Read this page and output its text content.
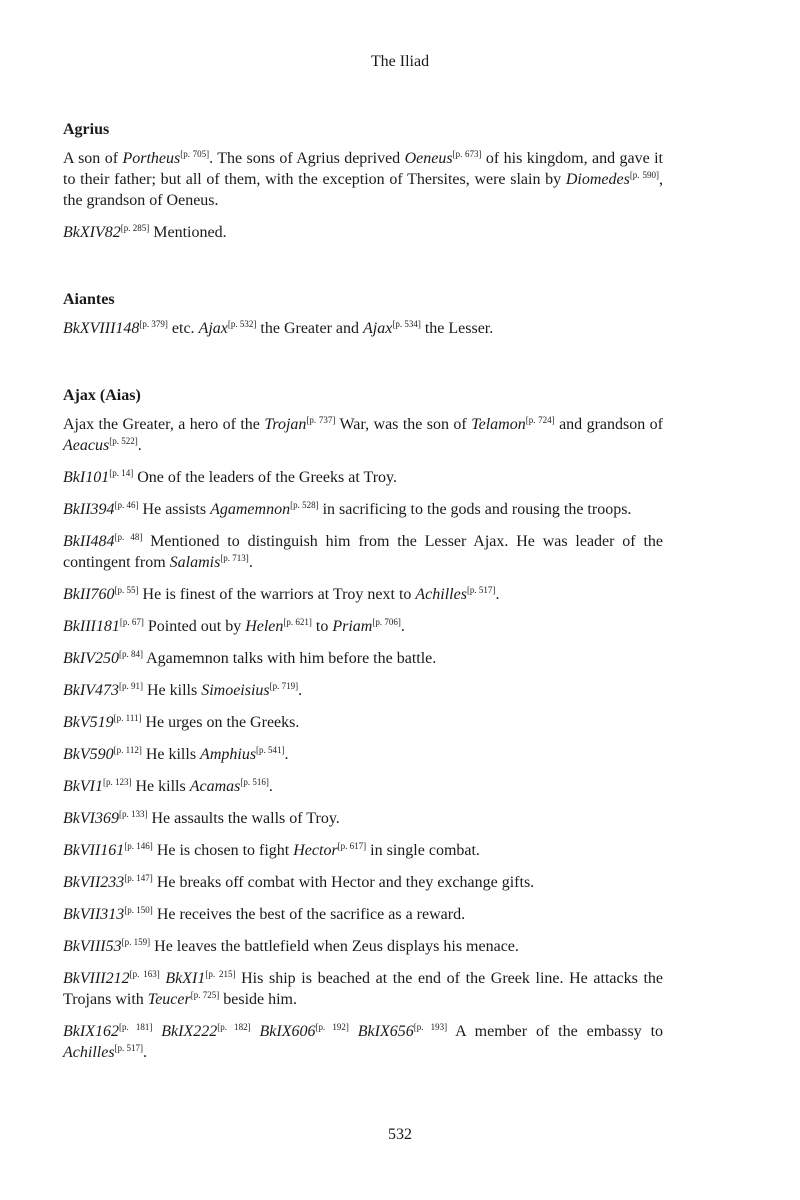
The Iliad
Agrius
A son of Portheus[p. 705]. The sons of Agrius deprived Oeneus[p. 673] of his kingdom, and gave it to their father; but all of them, with the exception of Thersites, were slain by Diomedes[p. 590], the grandson of Oeneus.
BkXIV82[p. 285] Mentioned.
Aiantes
BkXVIII148[p. 379] etc. Ajax[p. 532] the Greater and Ajax[p. 534] the Lesser.
Ajax (Aias)
Ajax the Greater, a hero of the Trojan[p. 737] War, was the son of Telamon[p. 724] and grandson of Aeacus[p. 522].
BkI101[p. 14] One of the leaders of the Greeks at Troy.
BkII394[p. 46] He assists Agamemnon[p. 528] in sacrificing to the gods and rousing the troops.
BkII484[p. 48] Mentioned to distinguish him from the Lesser Ajax. He was leader of the contingent from Salamis[p. 713].
BkII760[p. 55] He is finest of the warriors at Troy next to Achilles[p. 517].
BkIII181[p. 67] Pointed out by Helen[p. 621] to Priam[p. 706].
BkIV250[p. 84] Agamemnon talks with him before the battle.
BkIV473[p. 91] He kills Simoeisius[p. 719].
BkV519[p. 111] He urges on the Greeks.
BkV590[p. 112] He kills Amphius[p. 541].
BkVI1[p. 123] He kills Acamas[p. 516].
BkVI369[p. 133] He assaults the walls of Troy.
BkVII161[p. 146] He is chosen to fight Hector[p. 617] in single combat.
BkVII233[p. 147] He breaks off combat with Hector and they exchange gifts.
BkVII313[p. 150] He receives the best of the sacrifice as a reward.
BkVIII53[p. 159] He leaves the battlefield when Zeus displays his menace.
BkVIII212[p. 163] BkXI1[p. 215] His ship is beached at the end of the Greek line. He attacks the Trojans with Teucer[p. 725] beside him.
BkIX162[p. 181] BkIX222[p. 182] BkIX606[p. 192] BkIX656[p. 193] A member of the embassy to Achilles[p. 517].
532
